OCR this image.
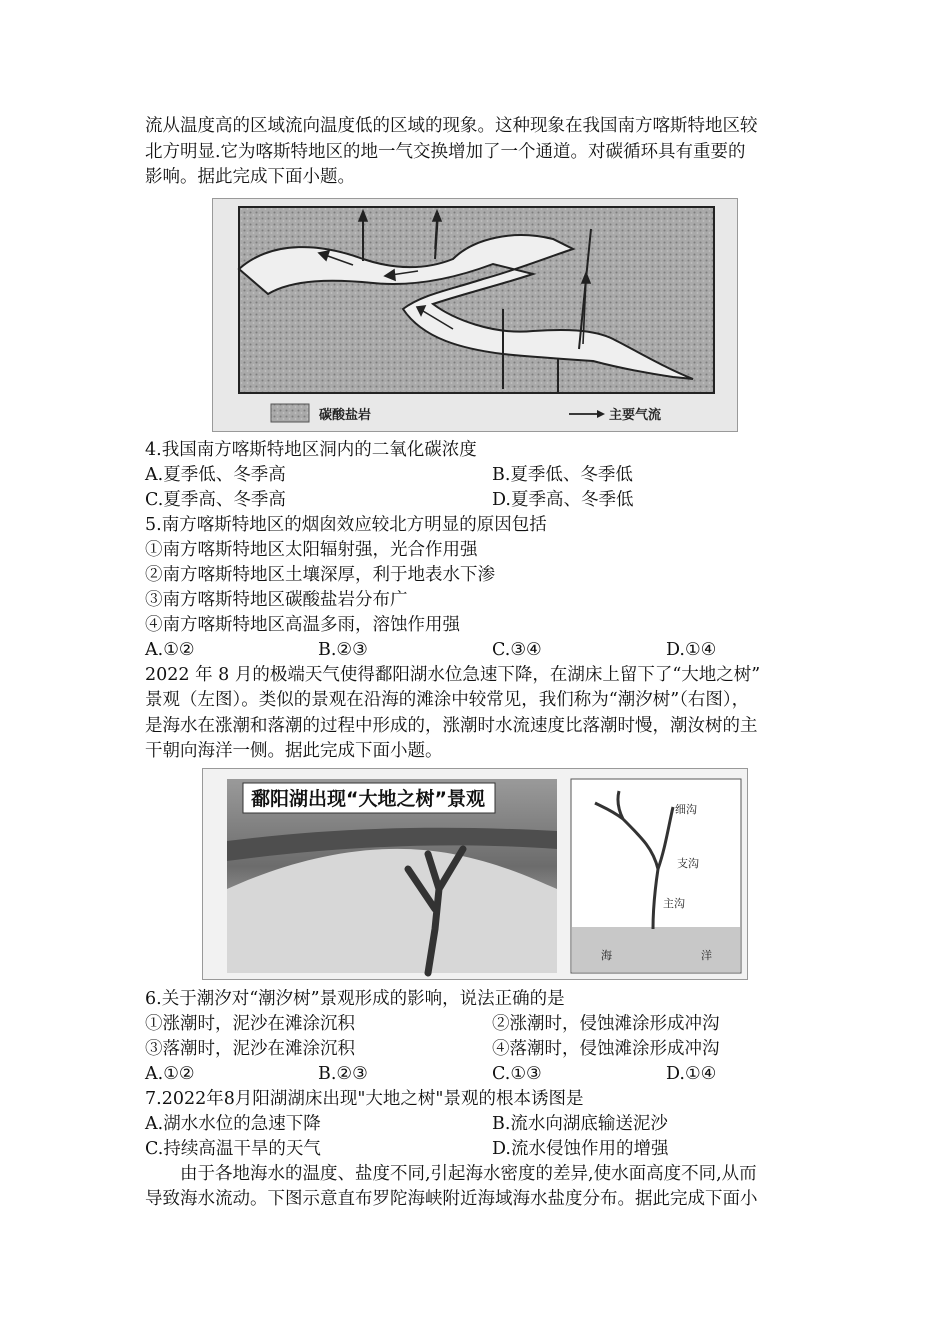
流从温度高的区域流向温度低的区域的现象。这种现象在我国南方喀斯特地区较
北方明显.它为喀斯特地区的地一气交换增加了一个通道。对碳循环具有重要的
影响。据此完成下面小题。
碳酸盐岩	主要气流
4.我国南方喀斯特地区洞内的二氧化碳浓度
A.夏季低、冬季高	B.夏季低、冬季低
C.夏季高、冬季高	D.夏季高、冬季低
5.南方喀斯特地区的烟囱效应较北方明显的原因包括
①南方喀斯特地区太阳辐射强，光合作用强
②南方喀斯特地区土壤深厚，利于地表水下渗
③南方喀斯特地区碳酸盐岩分布广
④南方喀斯特地区高温多雨，溶蚀作用强
A.①②	B.②③	C.③④	D.①④
2022 年 8 月的极端天气使得鄱阳湖水位急速下降，在湖床上留下了“大地之树”
景观（左图）。类似的景观在沿海的滩涂中较常见，我们称为“潮汐树”（右图），
是海水在涨潮和落潮的过程中形成的，涨潮时水流速度比落潮时慢，潮汝树的主
干朝向海洋一侧。据此完成下面小题。
鄱阳湖出现“大地之树”景观	细沟
支沟
主沟
海	洋
6.关于潮汐对“潮汐树”景观形成的影响，说法正确的是
①涨潮时，泥沙在滩涂沉积	②涨潮时，侵蚀滩涂形成冲沟
③落潮时，泥沙在滩涂沉积	④落潮时，侵蚀滩涂形成冲沟
A.①②	B.②③	C.①③	D.①④
7.2022年8月阳湖湖床出现"大地之树"景观的根本诱图是
A.湖水水位的急速下降	B.流水向湖底输送泥沙
C.持续高温干旱的天气	D.流水侵蚀作用的增强
由于各地海水的温度、盐度不同,引起海水密度的差异,使水面高度不同,从而
导致海水流动。下图示意直布罗陀海峡附近海域海水盐度分布。据此完成下面小
